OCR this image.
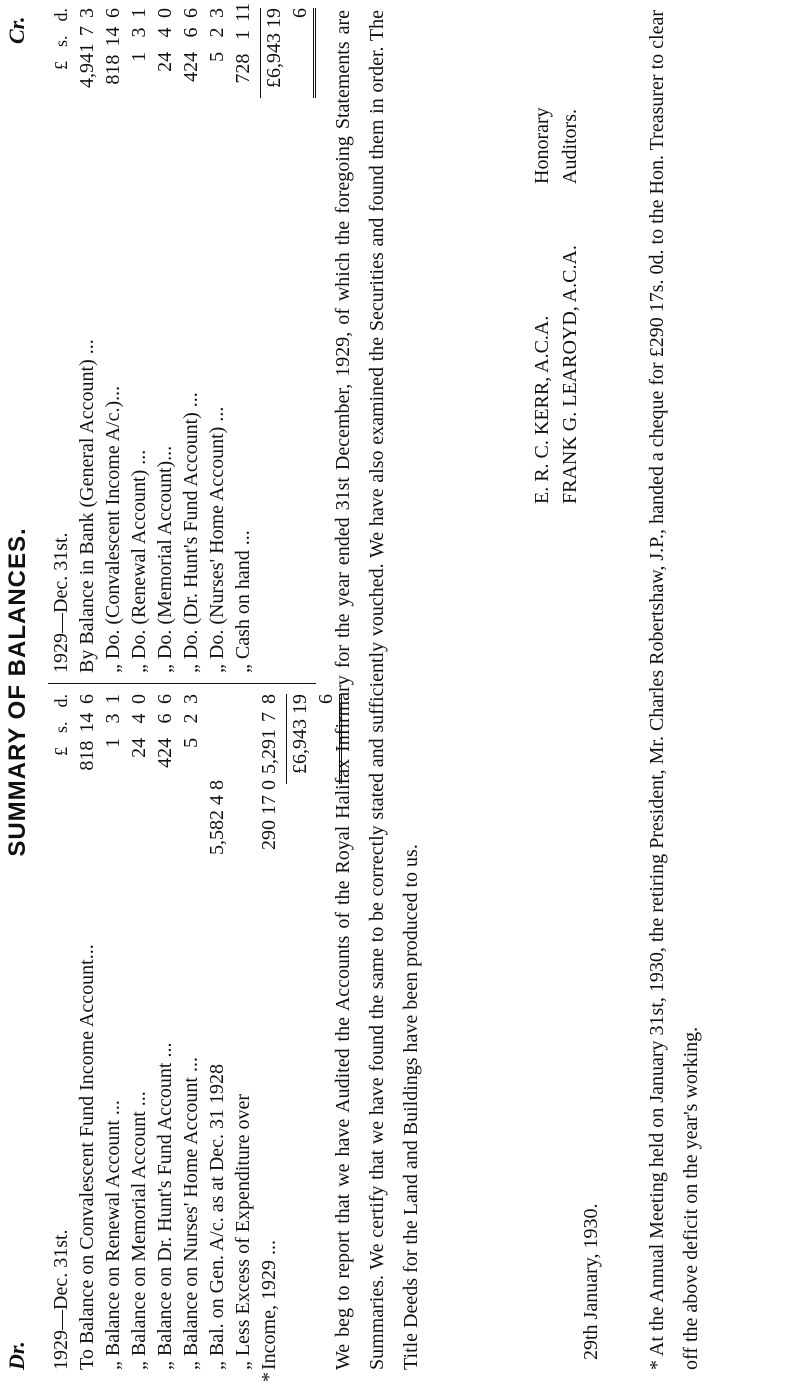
Dr.
SUMMARY OF BALANCES.
Cr.
1929—Dec. 31st.
£
s.
d.
To Balance on Convalescent Fund Income Account...
818
14
6
„ Balance on Renewal Account ...
1
3
1
„ Balance on Memorial Account ...
24
4
0
„ Balance on Dr. Hunt's Fund Account ...
424
6
6
„ Balance on Nurses' Home Account ...
5
2
3
„ Bal. on Gen. A/c. as at Dec. 31 1928
5,582 4 8
„ Less Excess of Expenditure over
*Income, 1929 ...
290 17 0
5,291
7
8 £6,943 19 6
1929—Dec. 31st.
£
s.
d.
By Balance in Bank (General Account) ...
4,941
7
3
„ Do. (Convalescent Income A/c.)...
818
14
6
„ Do. (Renewal Account) ...
1
3
1
„ Do. (Memorial Account)...
24
4
0
„ Do. (Dr. Hunt's Fund Account) ...
424
6
6
„ Do. (Nurses' Home Account) ...
5
2
3
„ Cash on hand ...
728
1
11 £6,943 19 6	We beg to report that we have Audited the Accounts of the Royal Halifax Infirmary for the year ended 31st December, 1929, of which the foregoing Statements are Summaries. We certify that we have found the same to be correctly stated and sufficiently vouched. We have also examined the Securities and found them in order. The Title Deeds for the Land and Buildings have been produced to us.
E. R. C. KERR, A.C.A. FRANK G. LEAROYD, A.C.A.
Honorary Auditors.
29th January, 1930.	* At the Annual Meeting held on January 31st, 1930, the retiring President, Mr. Charles Robertshaw, J.P., handed a cheque for £290 17s. 0d. to the Hon. Treasurer to clear off the above deficit on the year's working.
